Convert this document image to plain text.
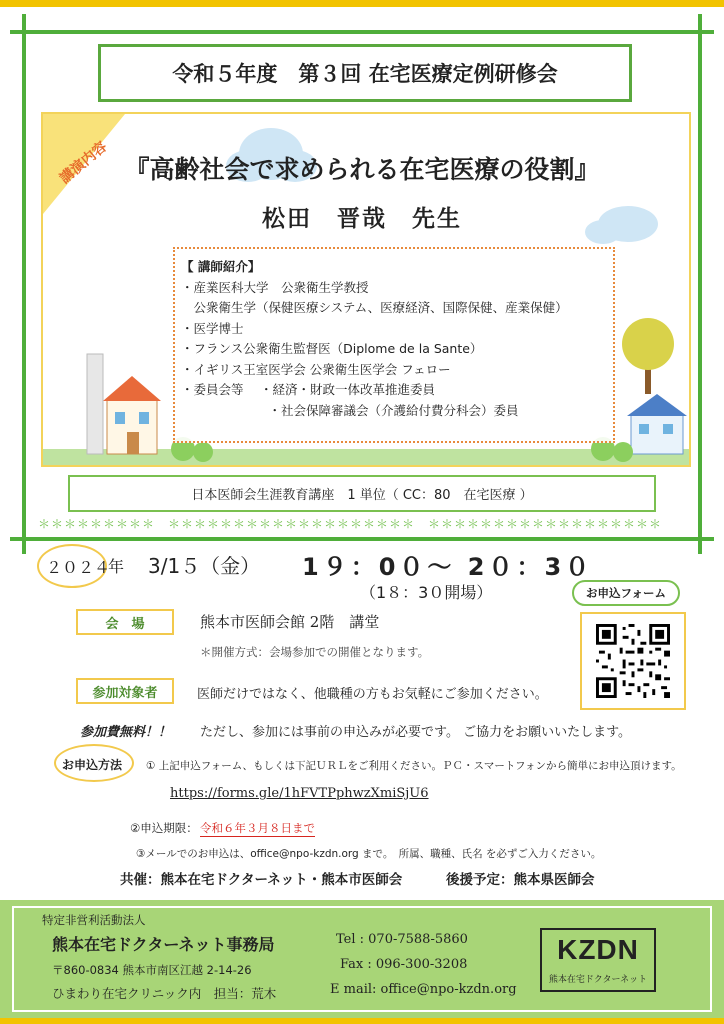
令和５年度　第３回 在宅医療定例研修会
講演内容 『高齢社会で求められる在宅医療の役割』
松田　晋哉　先生
【 講師紹介】
・産業医科大学　公衆衛生学教授
　公衆衛生学（保健医療システム、医療経済、国際保健、産業保健）
・医学博士
・フランス公衆衛生監督医（Diplome de la Sante）
・イギリス王室医学会 公衆衛生医学会 フェロー
・委員会等　 ・経済・財政一体改革推進委員
　　　　　　　・社会保障審議会（介護給付費分科会）委員
日本医師会生涯教育講座　1 単位（ CC：80　在宅医療 ）
＊＊＊＊＊＊＊＊＊　＊＊＊＊＊＊＊＊＊＊＊＊＊＊＊＊＊＊＊　＊＊＊＊＊＊＊＊＊＊＊＊＊＊＊＊＊＊
２０２４
年 3/1５（金） 1９：0０～ 2０：3０
（1８：3０開場）	お申込フォーム
会　場	熊本市医師会館 2階　講堂
＊開催方式：会場参加での開催となります。
参加対象者	医師だけではなく、他職種の方もお気軽にご参加ください。
参加費無料！！ ただし、参加には事前の申込みが必要です。 ご協力をお願いいたします。
お申込方法 ① 上記申込フォーム、もしくは下記ＵＲＬをご利用ください。ＰＣ・スマートフォンから簡単にお申込頂けます。
https://forms.gle/1hFVTPphwzXmiSjU6
②申込期限： 令和６年３月８日まで
③メールでのお申込は、office@npo-kzdn.org まで。　所属、職種、氏名 を必ずご入力ください。
共催：熊本在宅ドクターネット・熊本市医師会	後援予定：熊本県医師会
特定非営利活動法人
熊本在宅ドクターネット事務局
〒860-0834 熊本市南区江越 2-14-26
ひまわり在宅クリニック内　担当：荒木
Tel : 070-7588-5860
Fax : 096-300-3208
E mail: office@npo-kzdn.org
KZDN
熊本在宅ドクターネット
